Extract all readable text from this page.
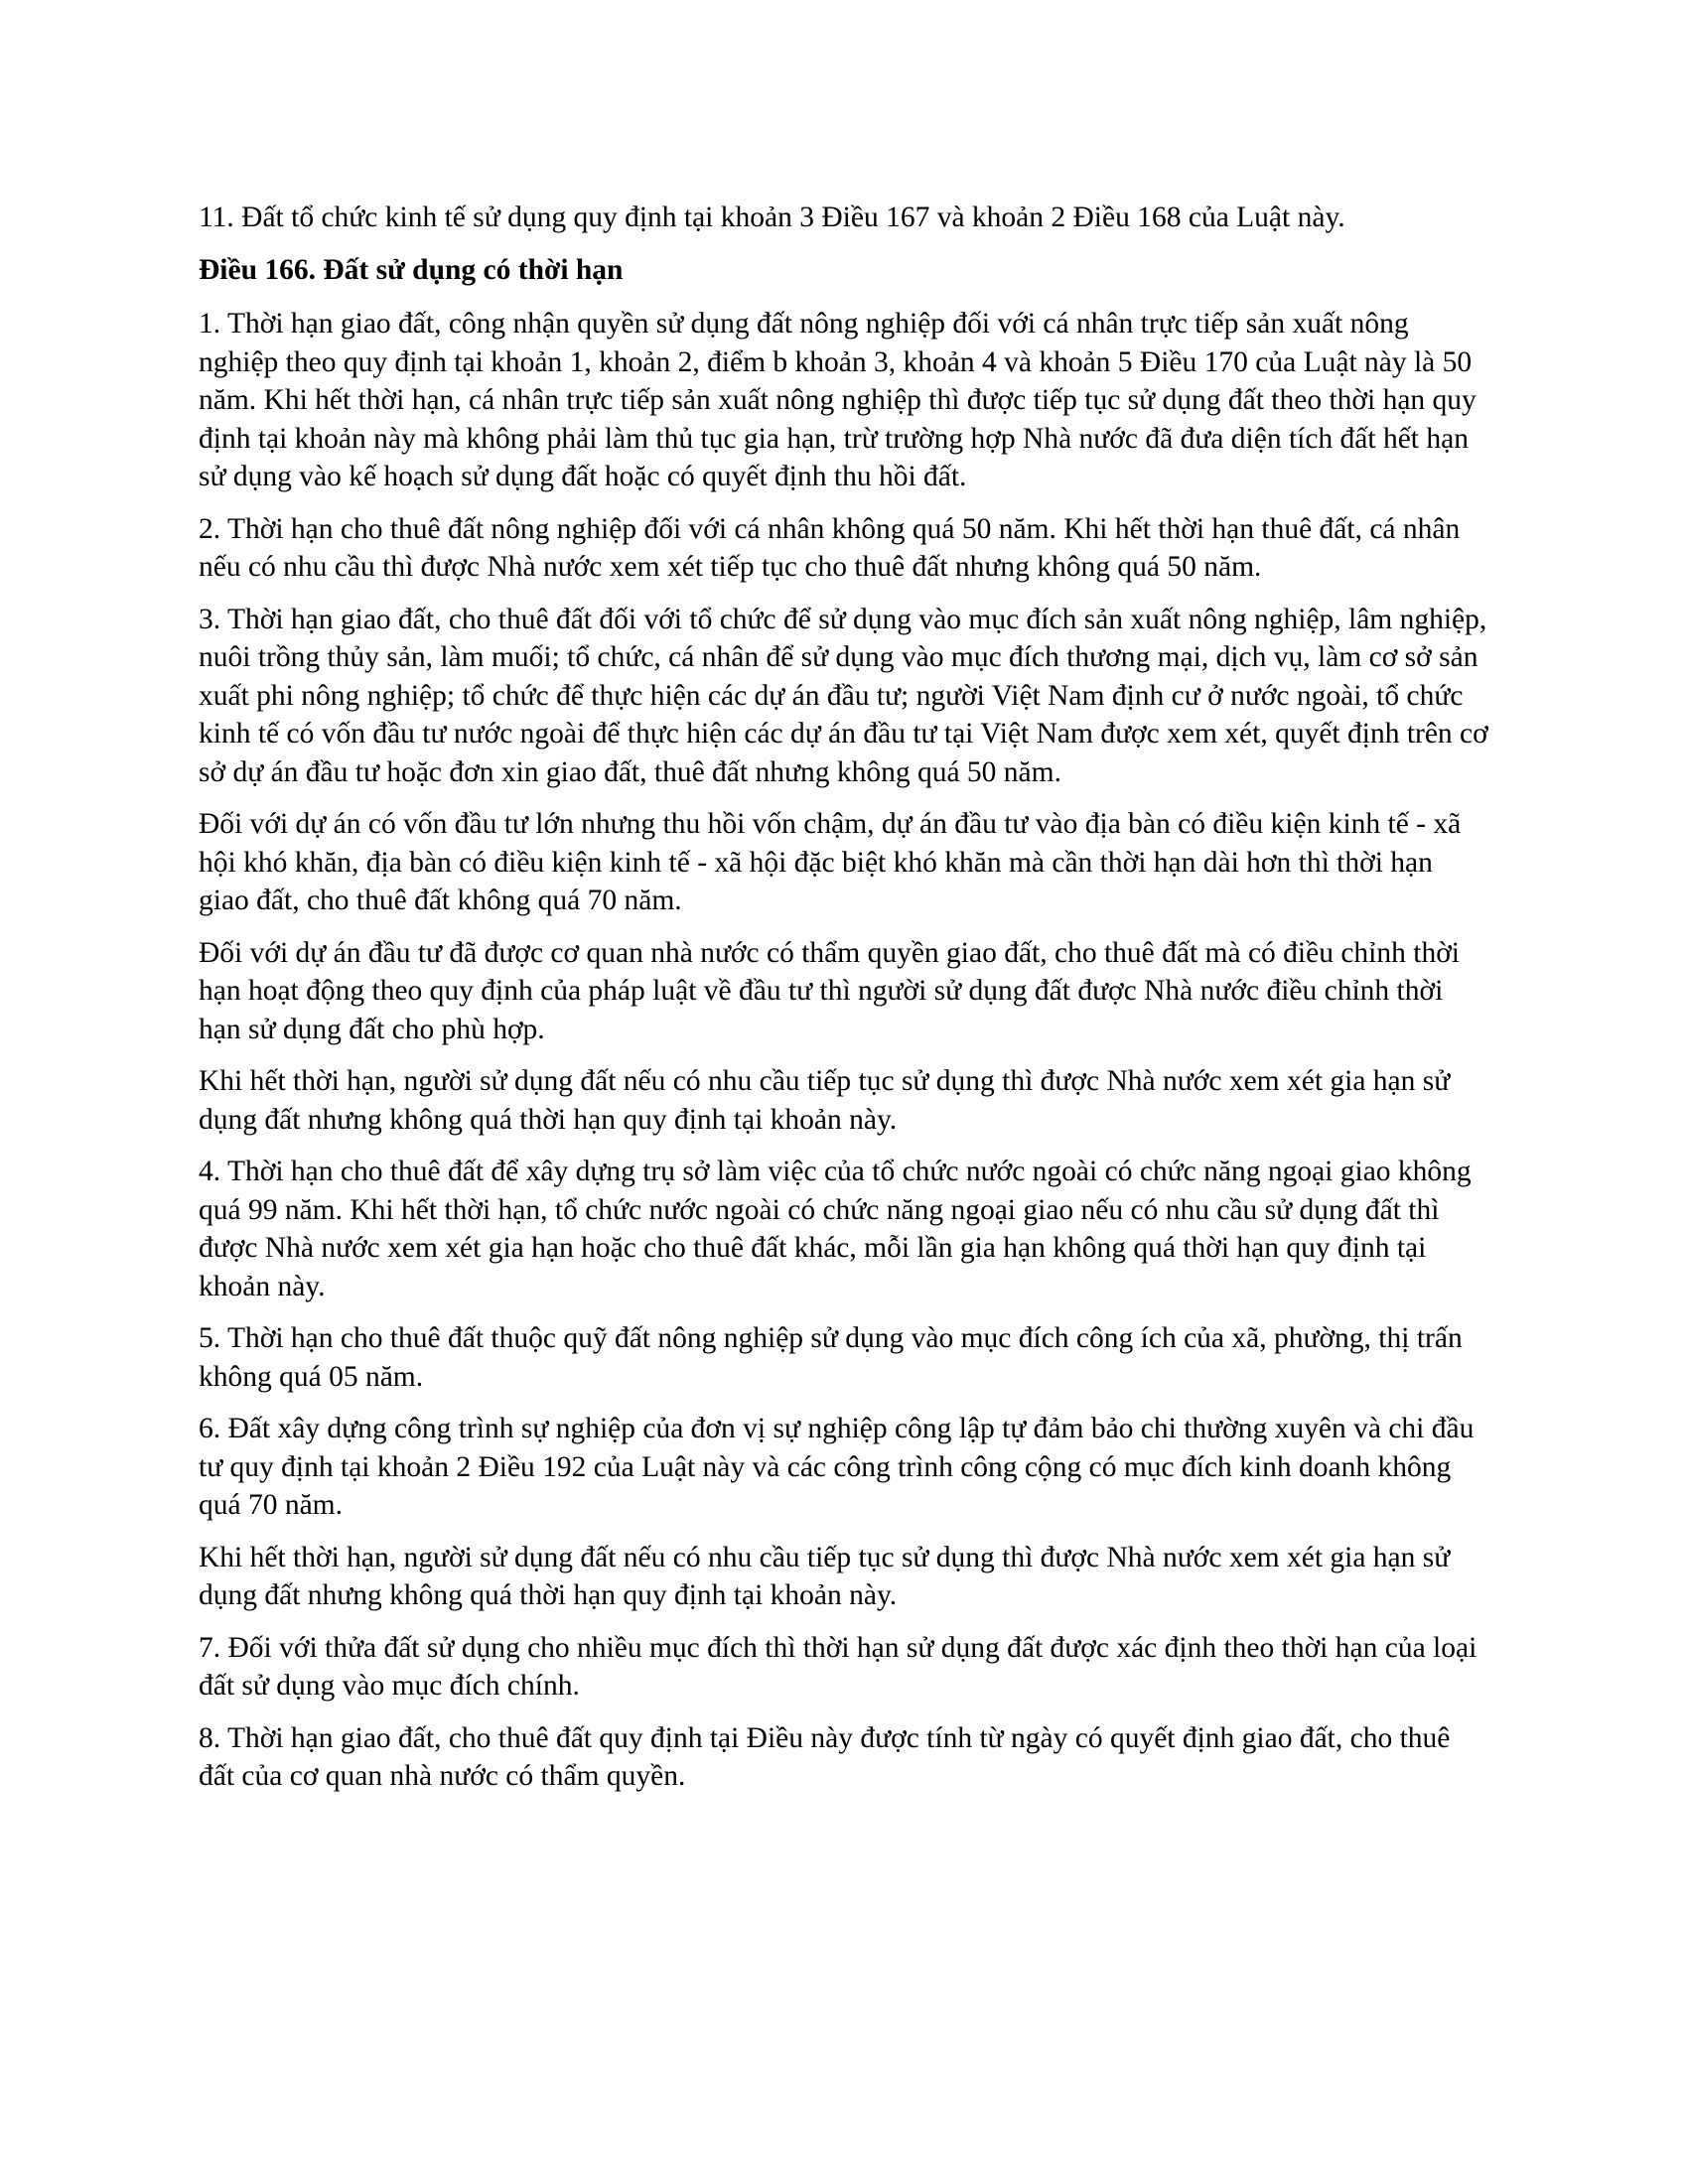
11. Đất tổ chức kinh tế sử dụng quy định tại khoản 3 Điều 167 và khoản 2 Điều 168 của Luật này.

Điều 166. Đất sử dụng có thời hạn

1. Thời hạn giao đất, công nhận quyền sử dụng đất nông nghiệp đối với cá nhân trực tiếp sản xuất nông nghiệp theo quy định tại khoản 1, khoản 2, điểm b khoản 3, khoản 4 và khoản 5 Điều 170 của Luật này là 50 năm. Khi hết thời hạn, cá nhân trực tiếp sản xuất nông nghiệp thì được tiếp tục sử dụng đất theo thời hạn quy định tại khoản này mà không phải làm thủ tục gia hạn, trừ trường hợp Nhà nước đã đưa diện tích đất hết hạn sử dụng vào kế hoạch sử dụng đất hoặc có quyết định thu hồi đất.

2. Thời hạn cho thuê đất nông nghiệp đối với cá nhân không quá 50 năm. Khi hết thời hạn thuê đất, cá nhân nếu có nhu cầu thì được Nhà nước xem xét tiếp tục cho thuê đất nhưng không quá 50 năm.

3. Thời hạn giao đất, cho thuê đất đối với tổ chức để sử dụng vào mục đích sản xuất nông nghiệp, lâm nghiệp, nuôi trồng thủy sản, làm muối; tổ chức, cá nhân để sử dụng vào mục đích thương mại, dịch vụ, làm cơ sở sản xuất phi nông nghiệp; tổ chức để thực hiện các dự án đầu tư; người Việt Nam định cư ở nước ngoài, tổ chức kinh tế có vốn đầu tư nước ngoài để thực hiện các dự án đầu tư tại Việt Nam được xem xét, quyết định trên cơ sở dự án đầu tư hoặc đơn xin giao đất, thuê đất nhưng không quá 50 năm.

Đối với dự án có vốn đầu tư lớn nhưng thu hồi vốn chậm, dự án đầu tư vào địa bàn có điều kiện kinh tế - xã hội khó khăn, địa bàn có điều kiện kinh tế - xã hội đặc biệt khó khăn mà cần thời hạn dài hơn thì thời hạn giao đất, cho thuê đất không quá 70 năm.

Đối với dự án đầu tư đã được cơ quan nhà nước có thẩm quyền giao đất, cho thuê đất mà có điều chỉnh thời hạn hoạt động theo quy định của pháp luật về đầu tư thì người sử dụng đất được Nhà nước điều chỉnh thời hạn sử dụng đất cho phù hợp.

Khi hết thời hạn, người sử dụng đất nếu có nhu cầu tiếp tục sử dụng thì được Nhà nước xem xét gia hạn sử dụng đất nhưng không quá thời hạn quy định tại khoản này.

4. Thời hạn cho thuê đất để xây dựng trụ sở làm việc của tổ chức nước ngoài có chức năng ngoại giao không quá 99 năm. Khi hết thời hạn, tổ chức nước ngoài có chức năng ngoại giao nếu có nhu cầu sử dụng đất thì được Nhà nước xem xét gia hạn hoặc cho thuê đất khác, mỗi lần gia hạn không quá thời hạn quy định tại khoản này.

5. Thời hạn cho thuê đất thuộc quỹ đất nông nghiệp sử dụng vào mục đích công ích của xã, phường, thị trấn không quá 05 năm.

6. Đất xây dựng công trình sự nghiệp của đơn vị sự nghiệp công lập tự đảm bảo chi thường xuyên và chi đầu tư quy định tại khoản 2 Điều 192 của Luật này và các công trình công cộng có mục đích kinh doanh không quá 70 năm.

Khi hết thời hạn, người sử dụng đất nếu có nhu cầu tiếp tục sử dụng thì được Nhà nước xem xét gia hạn sử dụng đất nhưng không quá thời hạn quy định tại khoản này.

7. Đối với thửa đất sử dụng cho nhiều mục đích thì thời hạn sử dụng đất được xác định theo thời hạn của loại đất sử dụng vào mục đích chính.

8. Thời hạn giao đất, cho thuê đất quy định tại Điều này được tính từ ngày có quyết định giao đất, cho thuê đất của cơ quan nhà nước có thẩm quyền.
